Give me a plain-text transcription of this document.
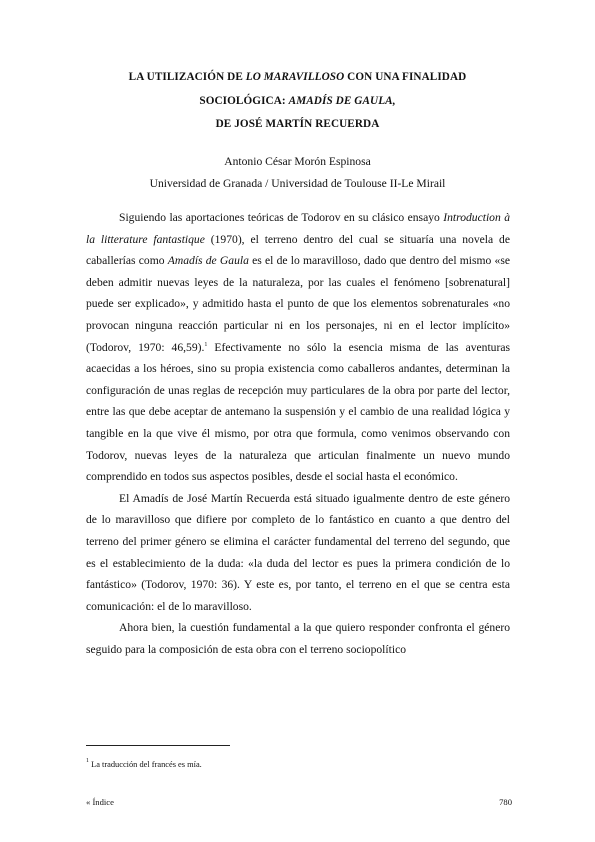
LA UTILIZACIÓN DE LO MARAVILLOSO CON UNA FINALIDAD
SOCIOLÓGICA: AMADÍS DE GAULA,
DE JOSÉ MARTÍN RECUERDA
Antonio César Morón Espinosa
Universidad de Granada / Universidad de Toulouse II-Le Mirail

Siguiendo las aportaciones teóricas de Todorov en su clásico ensayo Introduction à la litterature fantastique (1970), el terreno dentro del cual se situaría una novela de caballerías como Amadís de Gaula es el de lo maravilloso, dado que dentro del mismo «se deben admitir nuevas leyes de la naturaleza, por las cuales el fenómeno [sobrenatural] puede ser explicado», y admitido hasta el punto de que los elementos sobrenaturales «no provocan ninguna reacción particular ni en los personajes, ni en el lector implícito» (Todorov, 1970: 46,59).$^1$ Efectivamente no sólo la esencia misma de las aventuras acaecidas a los héroes, sino su propia existencia como caballeros andantes, determinan la configuración de unas reglas de recepción muy particulares de la obra por parte del lector, entre las que debe aceptar de antemano la suspensión y el cambio de una realidad lógica y tangible en la que vive él mismo, por otra que formula, como venimos observando con Todorov, nuevas leyes de la naturaleza que articulan finalmente un nuevo mundo comprendido en todos sus aspectos posibles, desde el social hasta el económico.

El Amadís de José Martín Recuerda está situado igualmente dentro de este género de lo maravilloso que difiere por completo de lo fantástico en cuanto a que dentro del terreno del primer género se elimina el carácter fundamental del terreno del segundo, que es el establecimiento de la duda: «la duda del lector es pues la primera condición de lo fantástico» (Todorov, 1970: 36). Y este es, por tanto, el terreno en el que se centra esta comunicación: el de lo maravilloso.

Ahora bien, la cuestión fundamental a la que quiero responder confronta el género seguido para la composición de esta obra con el terreno sociopolítico

$^1$ La traducción del francés es mía.
« Índice	780
